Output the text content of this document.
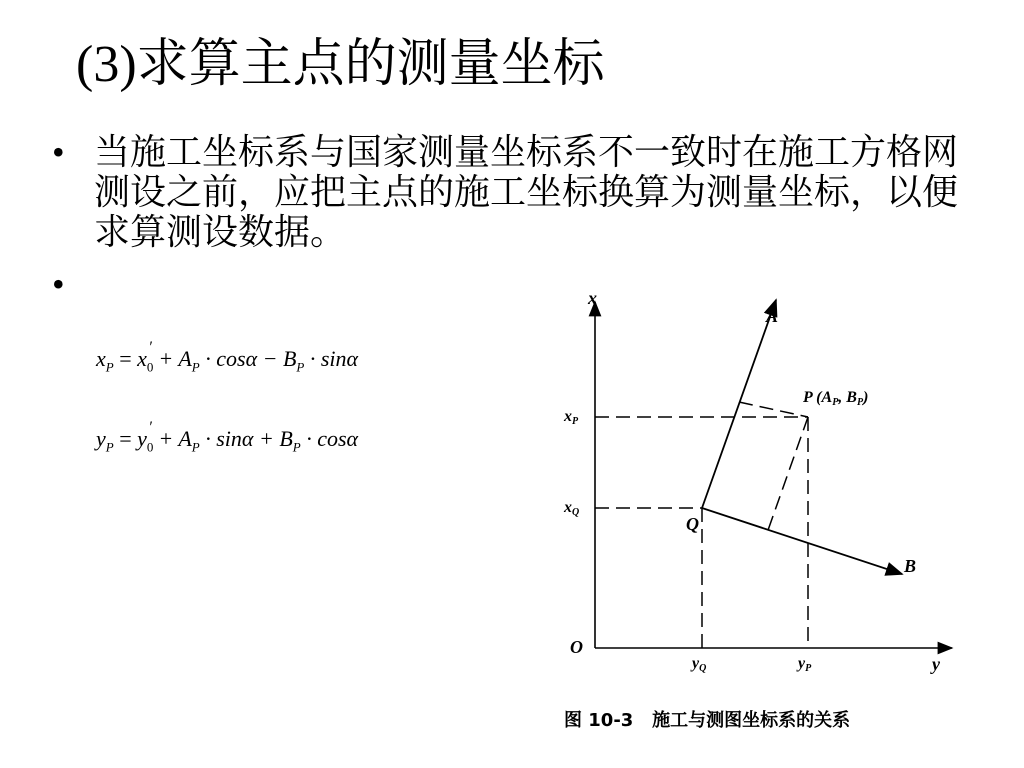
(3)求算主点的测量坐标
• 当施工坐标系与国家测量坐标系不一致时在施工方格网测设之前，应把主点的施工坐标换算为测量坐标，以便求算测设数据。
•
$x_P = x_0' + A_P \cdot \cos\alpha - B_P \cdot \sin\alpha$
$y_P = y_0' + A_P \cdot \sin\alpha + B_P \cdot \cos\alpha$
x
y
O
A
B
Q
P (AP, BP)
xP
xQ
yQ	yP
图 10-3   施工与测图坐标系的关系
